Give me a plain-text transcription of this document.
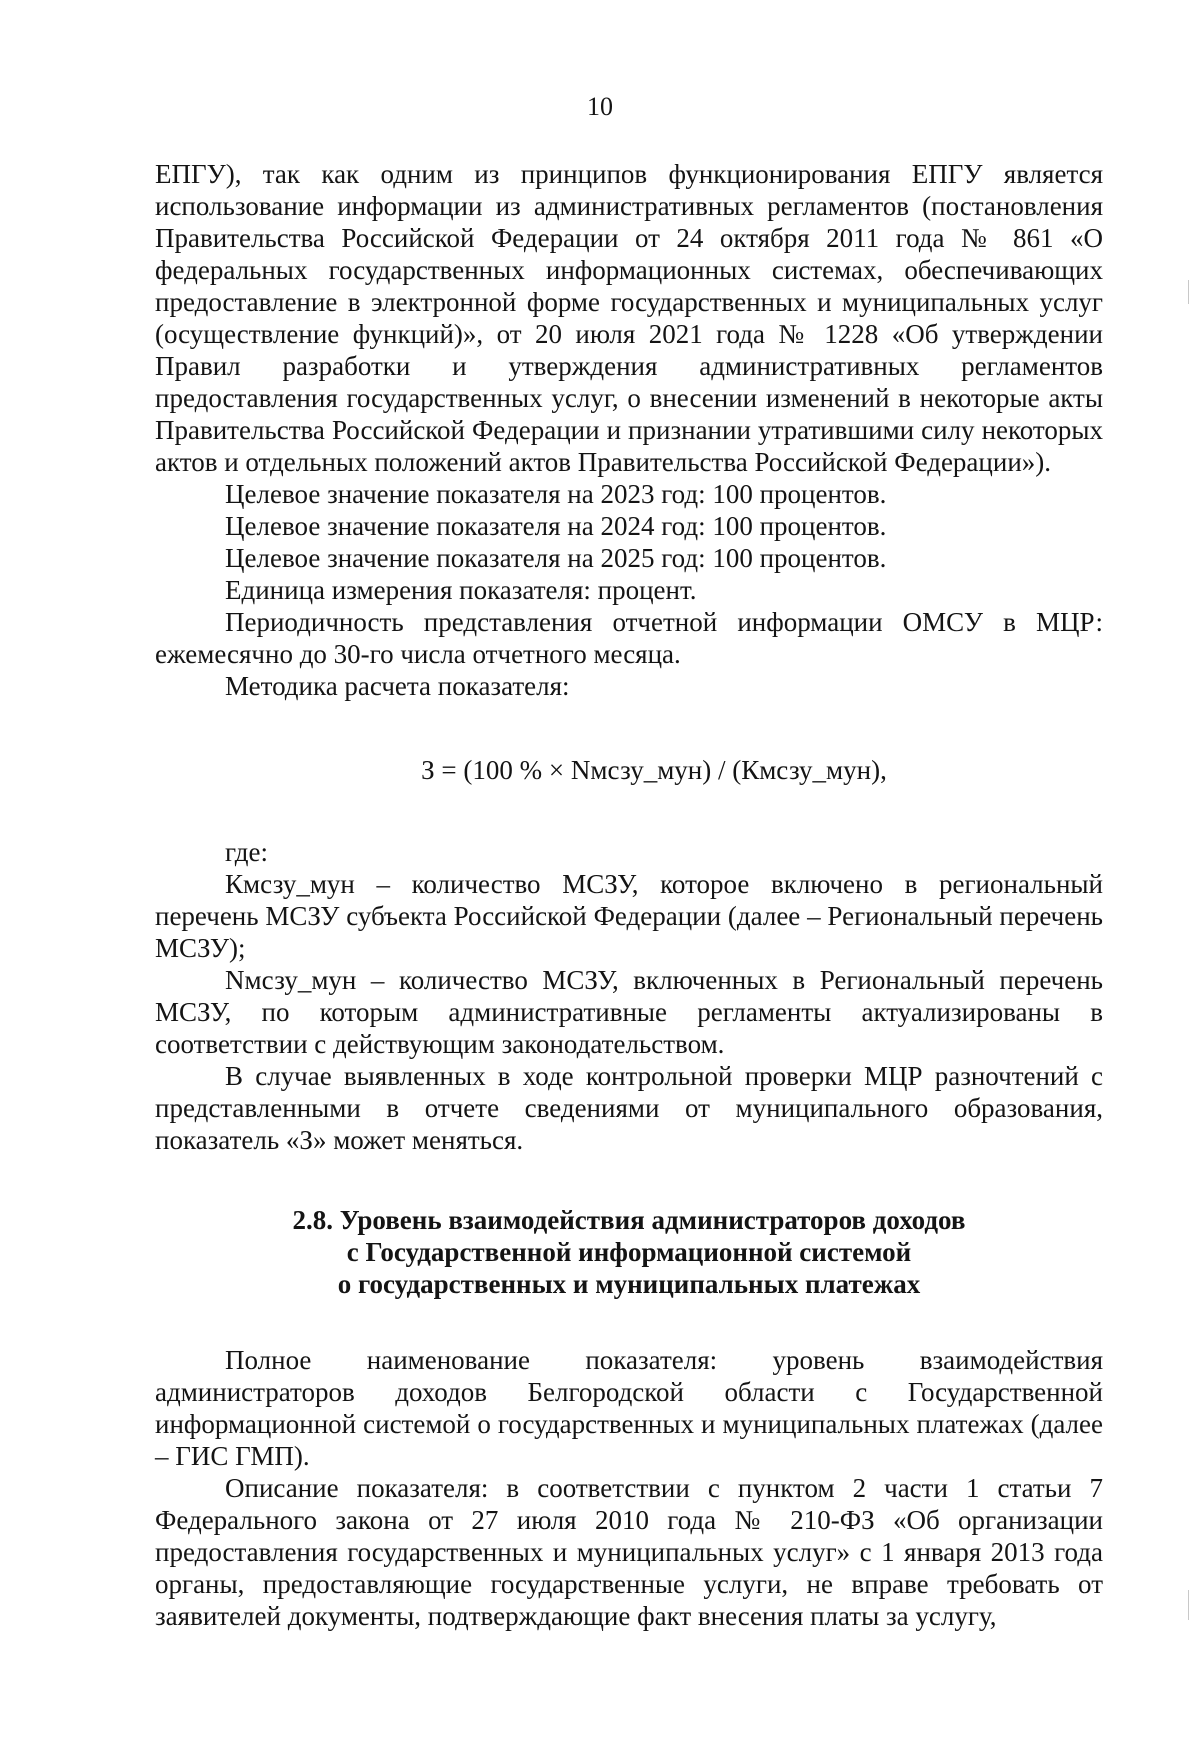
10

ЕПГУ), так как одним из принципов функционирования ЕПГУ является использование информации из административных регламентов (постановления Правительства Российской Федерации от 24 октября 2011 года № 861 «О федеральных государственных информационных системах, обеспечивающих предоставление в электронной форме государственных и муниципальных услуг (осуществление функций)», от 20 июля 2021 года № 1228 «Об утверждении Правил разработки и утверждения административных регламентов предоставления государственных услуг, о внесении изменений в некоторые акты Правительства Российской Федерации и признании утратившими силу некоторых актов и отдельных положений актов Правительства Российской Федерации»).

Целевое значение показателя на 2023 год: 100 процентов.

Целевое значение показателя на 2024 год: 100 процентов.

Целевое значение показателя на 2025 год: 100 процентов.

Единица измерения показателя: процент.

Периодичность представления отчетной информации ОМСУ в МЦР: ежемесячно до 30-го числа отчетного месяца.

Методика расчета показателя:

З = (100 % × Nмсзу_мун) / (Кмсзу_мун),

где:

Кмсзу_мун – количество МСЗУ, которое включено в региональный перечень МСЗУ субъекта Российской Федерации (далее – Региональный перечень МСЗУ);

Nмсзу_мун – количество МСЗУ, включенных в Региональный перечень МСЗУ, по которым административные регламенты актуализированы в соответствии с действующим законодательством.

В случае выявленных в ходе контрольной проверки МЦР разночтений с представленными в отчете сведениями от муниципального образования, показатель «З» может меняться.

2.8. Уровень взаимодействия администраторов доходов
с Государственной информационной системой
о государственных и муниципальных платежах

Полное наименование показателя: уровень взаимодействия администраторов доходов Белгородской области с Государственной информационной системой о государственных и муниципальных платежах (далее – ГИС ГМП).

Описание показателя: в соответствии с пунктом 2 части 1 статьи 7 Федерального закона от 27 июля 2010 года № 210-ФЗ «Об организации предоставления государственных и муниципальных услуг» с 1 января 2013 года органы, предоставляющие государственные услуги, не вправе требовать от заявителей документы, подтверждающие факт внесения платы за услугу,
